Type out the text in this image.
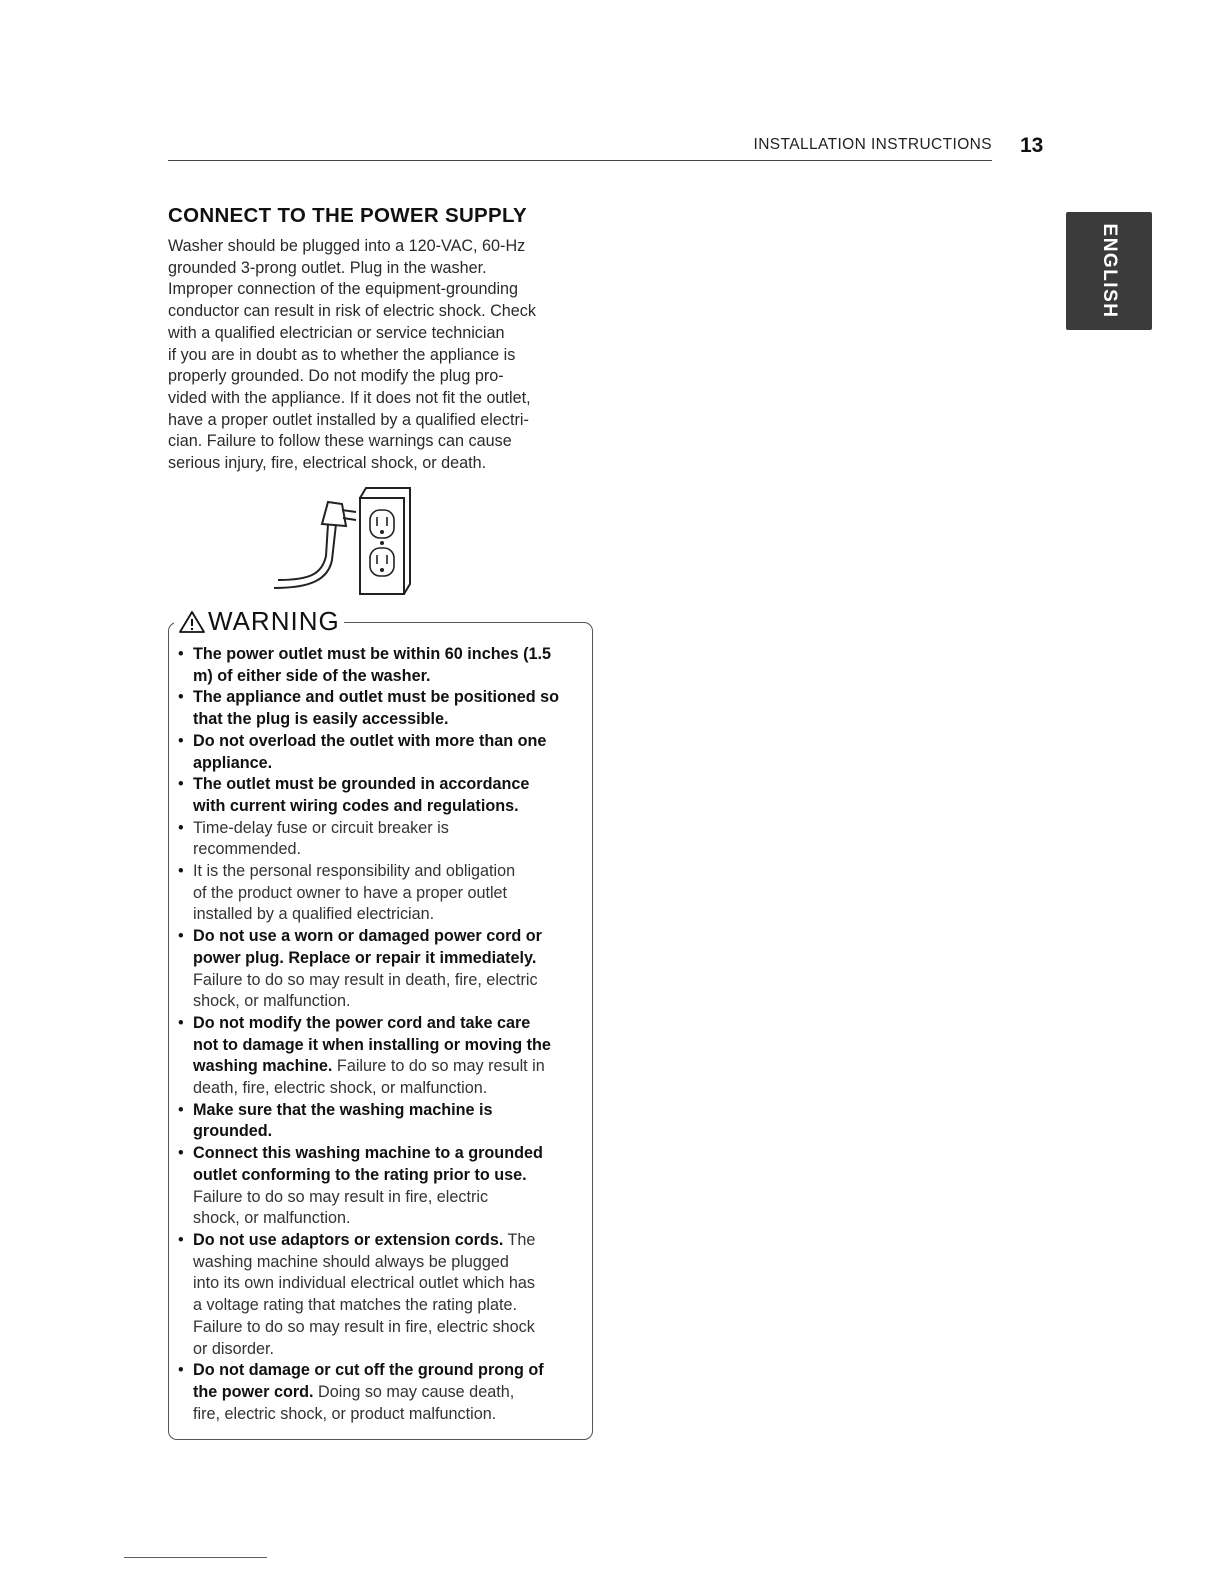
INSTALLATION INSTRUCTIONS 13
ENGLISH
CONNECT TO THE POWER SUPPLY
Washer should be plugged into a 120-VAC, 60-Hz
grounded 3-prong outlet. Plug in the washer.
Improper connection of the equipment-grounding
conductor can result in risk of electric shock. Check
with a qualified electrician or service technician
if you are in doubt as to whether the appliance is
properly grounded. Do not modify the plug pro-
vided with the appliance. If it does not fit the outlet,
have a proper outlet installed by a qualified electri-
cian. Failure to follow these warnings can cause
serious injury, fire, electrical shock, or death.
WARNING
• The power outlet must be within 60 inches (1.5
m) of either side of the washer.
• The appliance and outlet must be positioned so
that the plug is easily accessible.
• Do not overload the outlet with more than one
appliance.
• The outlet must be grounded in accordance
with current wiring codes and regulations.
• Time-delay fuse or circuit breaker is
recommended.
• It is the personal responsibility and obligation
of the product owner to have a proper outlet
installed by a qualified electrician.
• Do not use a worn or damaged power cord or
power plug. Replace or repair it immediately.
Failure to do so may result in death, fire, electric
shock, or malfunction.
• Do not modify the power cord and take care
not to damage it when installing or moving the
washing machine. Failure to do so may result in
death, fire, electric shock, or malfunction.
• Make sure that the washing machine is
grounded.
• Connect this washing machine to a grounded
outlet conforming to the rating prior to use.
Failure to do so may result in fire, electric
shock, or malfunction.
• Do not use adaptors or extension cords. The
washing machine should always be plugged
into its own individual electrical outlet which has
a voltage rating that matches the rating plate.
Failure to do so may result in fire, electric shock
or disorder.
• Do not damage or cut off the ground prong of
the power cord. Doing so may cause death,
fire, electric shock, or product malfunction.
